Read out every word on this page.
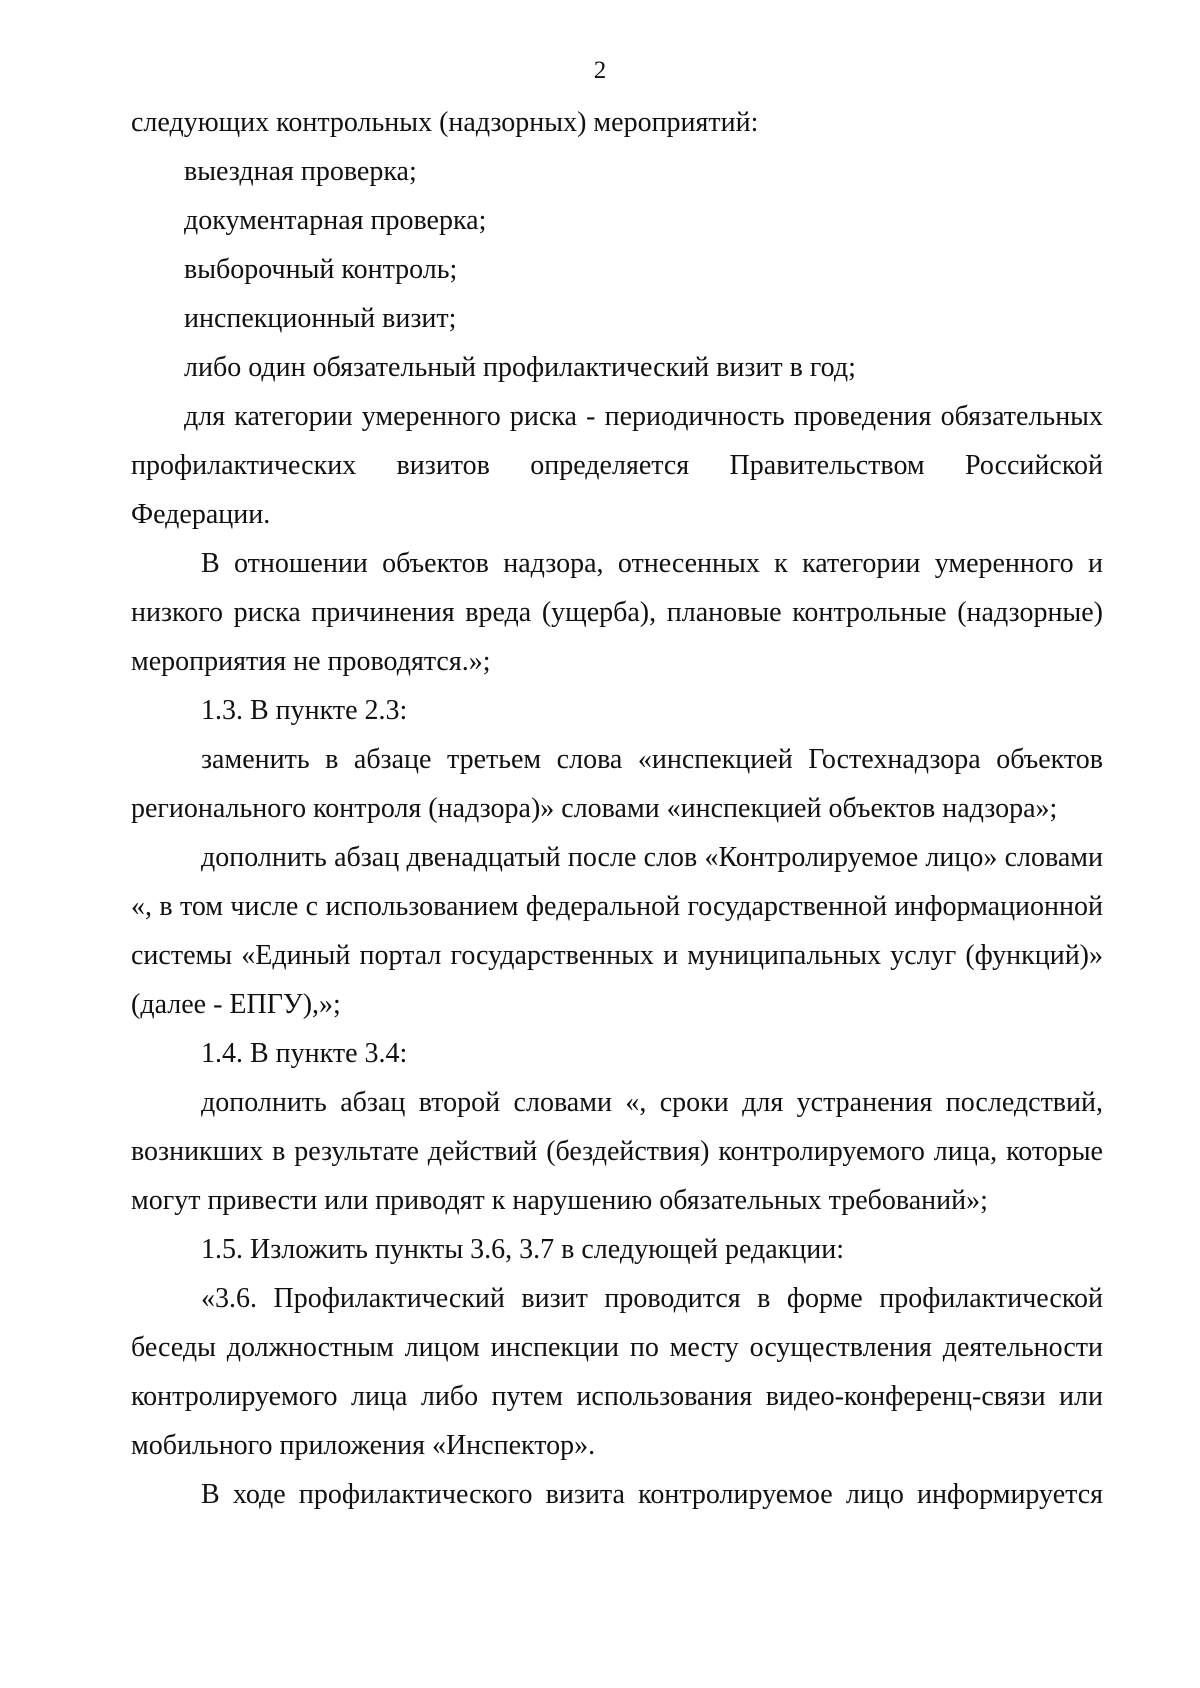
2

следующих контрольных (надзорных) мероприятий:

выездная проверка;

документарная проверка;

выборочный контроль;

инспекционный визит;

либо один обязательный профилактический визит в год;

для категории умеренного риска - периодичность проведения обязательных профилактических визитов определяется Правительством Российской Федерации.

В отношении объектов надзора, отнесенных к категории умеренного и низкого риска причинения вреда (ущерба), плановые контрольные (надзорные) мероприятия не проводятся.»;

1.3. В пункте 2.3:

заменить в абзаце третьем слова «инспекцией Гостехнадзора объектов регионального контроля (надзора)» словами «инспекцией объектов надзора»;

дополнить абзац двенадцатый после слов «Контролируемое лицо» словами «, в том числе с использованием федеральной государственной информационной системы «Единый портал государственных и муниципальных услуг (функций)» (далее - ЕПГУ),»;

1.4. В пункте 3.4:

дополнить абзац второй словами «, сроки для устранения последствий, возникших в результате действий (бездействия) контролируемого лица, которые могут привести или приводят к нарушению обязательных требований»;

1.5. Изложить пункты 3.6, 3.7 в следующей редакции:

«3.6. Профилактический визит проводится в форме профилактической беседы должностным лицом инспекции по месту осуществления деятельности контролируемого лица либо путем использования видео-конференц-связи или мобильного приложения «Инспектор».

В ходе профилактического визита контролируемое лицо информируется
